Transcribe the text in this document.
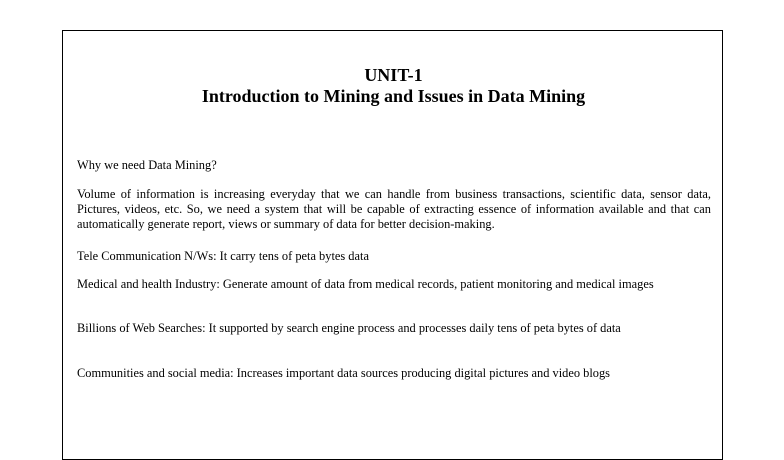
UNIT-1
Introduction to Mining and Issues in Data Mining

Why we need Data Mining?

Volume of information is increasing everyday that we can handle from business transactions, scientific data, sensor data, Pictures, videos, etc. So, we need a system that will be capable of extracting essence of information available and that can automatically generate report, views or summary of data for better decision-making.

Tele Communication N/Ws: It carry tens of peta bytes data

Medical and health Industry: Generate amount of data from medical records, patient monitoring and medical images

Billions of Web Searches: It supported by search engine process and processes daily tens of peta bytes of data

Communities and social media: Increases important data sources producing digital pictures and video blogs
